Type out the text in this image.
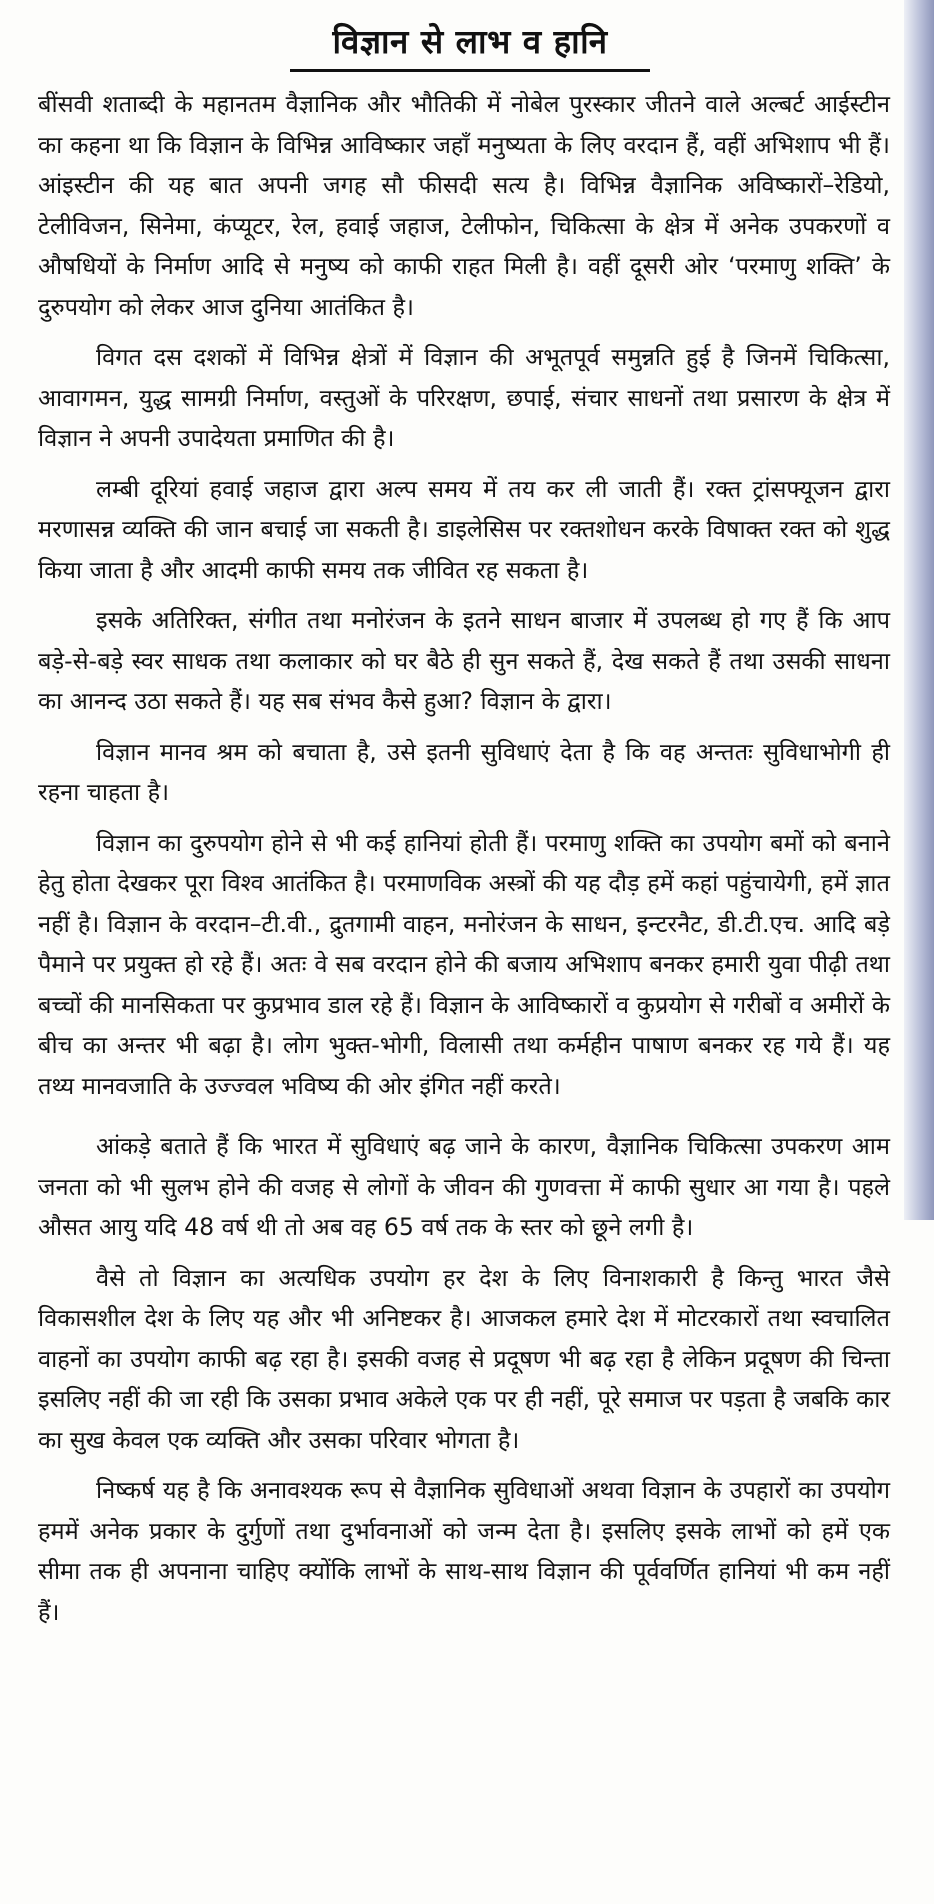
विज्ञान से लाभ व हानि

बींसवी शताब्दी के महानतम वैज्ञानिक और भौतिकी में नोबेल पुरस्कार जीतने वाले अल्बर्ट आईस्टीन का कहना था कि विज्ञान के विभिन्न आविष्कार जहाँ मनुष्यता के लिए वरदान हैं, वहीं अभिशाप भी हैं। आंइस्टीन की यह बात अपनी जगह सौ फीसदी सत्य है। विभिन्न वैज्ञानिक अविष्कारों–रेडियो, टेलीविजन, सिनेमा, कंप्यूटर, रेल, हवाई जहाज, टेलीफोन, चिकित्सा के क्षेत्र में अनेक उपकरणों व औषधियों के निर्माण आदि से मनुष्य को काफी राहत मिली है। वहीं दूसरी ओर ‘परमाणु शक्ति’ के दुरुपयोग को लेकर आज दुनिया आतंकित है।

विगत दस दशकों में विभिन्न क्षेत्रों में विज्ञान की अभूतपूर्व समुन्नति हुई है जिनमें चिकित्सा, आवागमन, युद्ध सामग्री निर्माण, वस्तुओं के परिरक्षण, छपाई, संचार साधनों तथा प्रसारण के क्षेत्र में विज्ञान ने अपनी उपादेयता प्रमाणित की है।

लम्बी दूरियां हवाई जहाज द्वारा अल्प समय में तय कर ली जाती हैं। रक्त ट्रांसफ्यूजन द्वारा मरणासन्न व्यक्ति की जान बचाई जा सकती है। डाइलेसिस पर रक्तशोधन करके विषाक्त रक्त को शुद्ध किया जाता है और आदमी काफी समय तक जीवित रह सकता है।

इसके अतिरिक्त, संगीत तथा मनोरंजन के इतने साधन बाजार में उपलब्ध हो गए हैं कि आप बड़े-से-बड़े स्वर साधक तथा कलाकार को घर बैठे ही सुन सकते हैं, देख सकते हैं तथा उसकी साधना का आनन्द उठा सकते हैं। यह सब संभव कैसे हुआ? विज्ञान के द्वारा।

विज्ञान मानव श्रम को बचाता है, उसे इतनी सुविधाएं देता है कि वह अन्ततः सुविधाभोगी ही रहना चाहता है।

विज्ञान का दुरुपयोग होने से भी कई हानियां होती हैं। परमाणु शक्ति का उपयोग बमों को बनाने हेतु होता देखकर पूरा विश्व आतंकित है। परमाणविक अस्त्रों की यह दौड़ हमें कहां पहुंचायेगी, हमें ज्ञात नहीं है। विज्ञान के वरदान–टी.वी., द्रुतगामी वाहन, मनोरंजन के साधन, इन्टरनैट, डी.टी.एच. आदि बड़े पैमाने पर प्रयुक्त हो रहे हैं। अतः वे सब वरदान होने की बजाय अभिशाप बनकर हमारी युवा पीढ़ी तथा बच्चों की मानसिकता पर कुप्रभाव डाल रहे हैं। विज्ञान के आविष्कारों व कुप्रयोग से गरीबों व अमीरों के बीच का अन्तर भी बढ़ा है। लोग भुक्त-भोगी, विलासी तथा कर्महीन पाषाण बनकर रह गये हैं। यह तथ्य मानवजाति के उज्ज्वल भविष्य की ओर इंगित नहीं करते।

आंकड़े बताते हैं कि भारत में सुविधाएं बढ़ जाने के कारण, वैज्ञानिक चिकित्सा उपकरण आम जनता को भी सुलभ होने की वजह से लोगों के जीवन की गुणवत्ता में काफी सुधार आ गया है। पहले औसत आयु यदि 48 वर्ष थी तो अब वह 65 वर्ष तक के स्तर को छूने लगी है।

वैसे तो विज्ञान का अत्यधिक उपयोग हर देश के लिए विनाशकारी है किन्तु भारत जैसे विकासशील देश के लिए यह और भी अनिष्टकर है। आजकल हमारे देश में मोटरकारों तथा स्वचालित वाहनों का उपयोग काफी बढ़ रहा है। इसकी वजह से प्रदूषण भी बढ़ रहा है लेकिन प्रदूषण की चिन्ता इसलिए नहीं की जा रही कि उसका प्रभाव अकेले एक पर ही नहीं, पूरे समाज पर पड़ता है जबकि कार का सुख केवल एक व्यक्ति और उसका परिवार भोगता है।

निष्कर्ष यह है कि अनावश्यक रूप से वैज्ञानिक सुविधाओं अथवा विज्ञान के उपहारों का उपयोग हममें अनेक प्रकार के दुर्गुणों तथा दुर्भावनाओं को जन्म देता है। इसलिए इसके लाभों को हमें एक सीमा तक ही अपनाना चाहिए क्योंकि लाभों के साथ-साथ विज्ञान की पूर्ववर्णित हानियां भी कम नहीं हैं।
